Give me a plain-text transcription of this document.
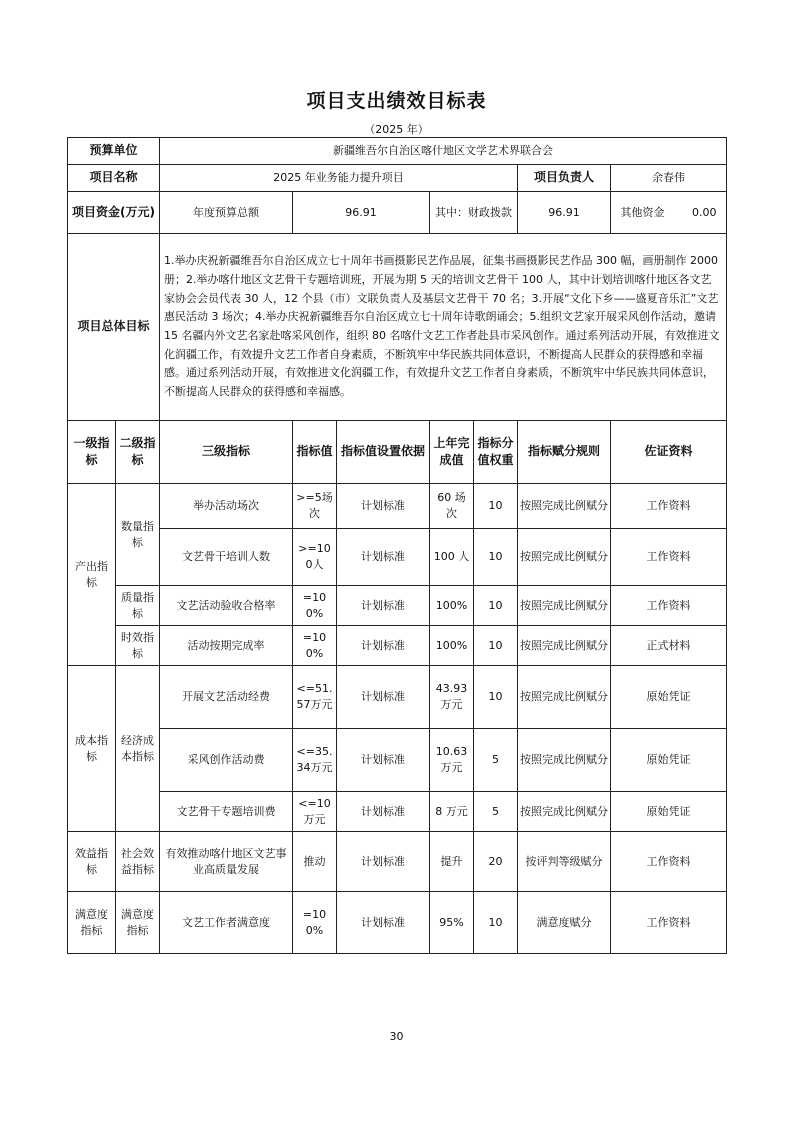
项目支出绩效目标表
（2025 年）
预算单位		新疆维吾尔自治区喀什地区文学艺术界联合会						
项目名称		2025 年业务能力提升项目					项目负责人	余春伟
项目资金(万元)		年度预算总额	96.91		其中：财政拨款		96.91	其他资金 0.00
项目总体目标		1.举办庆祝新疆维吾尔自治区成立七十周年书画摄影民艺作品展，征集书画摄影民艺作品 300 幅，画册制作 2000 册；2.举办喀什地区文艺骨干专题培训班，开展为期 5 天的培训文艺骨干 100 人，其中计划培训喀什地区各文艺家协会会员代表 30 人，12 个县（市）文联负责人及基层文艺骨干 70 名；3.开展“文化下乡——盛夏音乐汇”文艺惠民活动 3 场次；4.举办庆祝新疆维吾尔自治区成立七十周年诗歌朗诵会；5.组织文艺家开展采风创作活动，邀请 15 名疆内外文艺名家赴喀采风创作，组织 80 名喀什文艺工作者赴县市采风创作。通过系列活动开展，有效推进文化润疆工作，有效提升文艺工作者自身素质，不断筑牢中华民族共同体意识，不断提高人民群众的获得感和幸福感。通过系列活动开展，有效推进文化润疆工作，有效提升文艺工作者自身素质，不断筑牢中华民族共同体意识，不断提高人民群众的获得感和幸福感。						
一级指标	二级指标	三级指标	指标值	指标值设置依据	上年完成值	指标分值权重	指标赋分规则	佐证资料
产出指标	数量指标	举办活动场次	>=5场次	计划标准	60 场次	10	按照完成比例赋分	工作资料
		文艺骨干培训人数	>=100人	计划标准	100 人	10	按照完成比例赋分	工作资料
	质量指标	文艺活动验收合格率	=100%	计划标准	100%	10	按照完成比例赋分	工作资料
	时效指标	活动按期完成率	=100%	计划标准	100%	10	按照完成比例赋分	正式材料
成本指标	经济成本指标	开展文艺活动经费	<=51.57万元	计划标准	43.93万元	10	按照完成比例赋分	原始凭证
		采风创作活动费	<=35.34万元	计划标准	10.63万元	5	按照完成比例赋分	原始凭证
		文艺骨干专题培训费	<=10万元	计划标准	8 万元	5	按照完成比例赋分	原始凭证
效益指标	社会效益指标	有效推动喀什地区文艺事业高质量发展	推动	计划标准	提升	20	按评判等级赋分	工作资料
满意度指标	满意度指标	文艺工作者满意度	=100%	计划标准	95%	10	满意度赋分	工作资料
30
